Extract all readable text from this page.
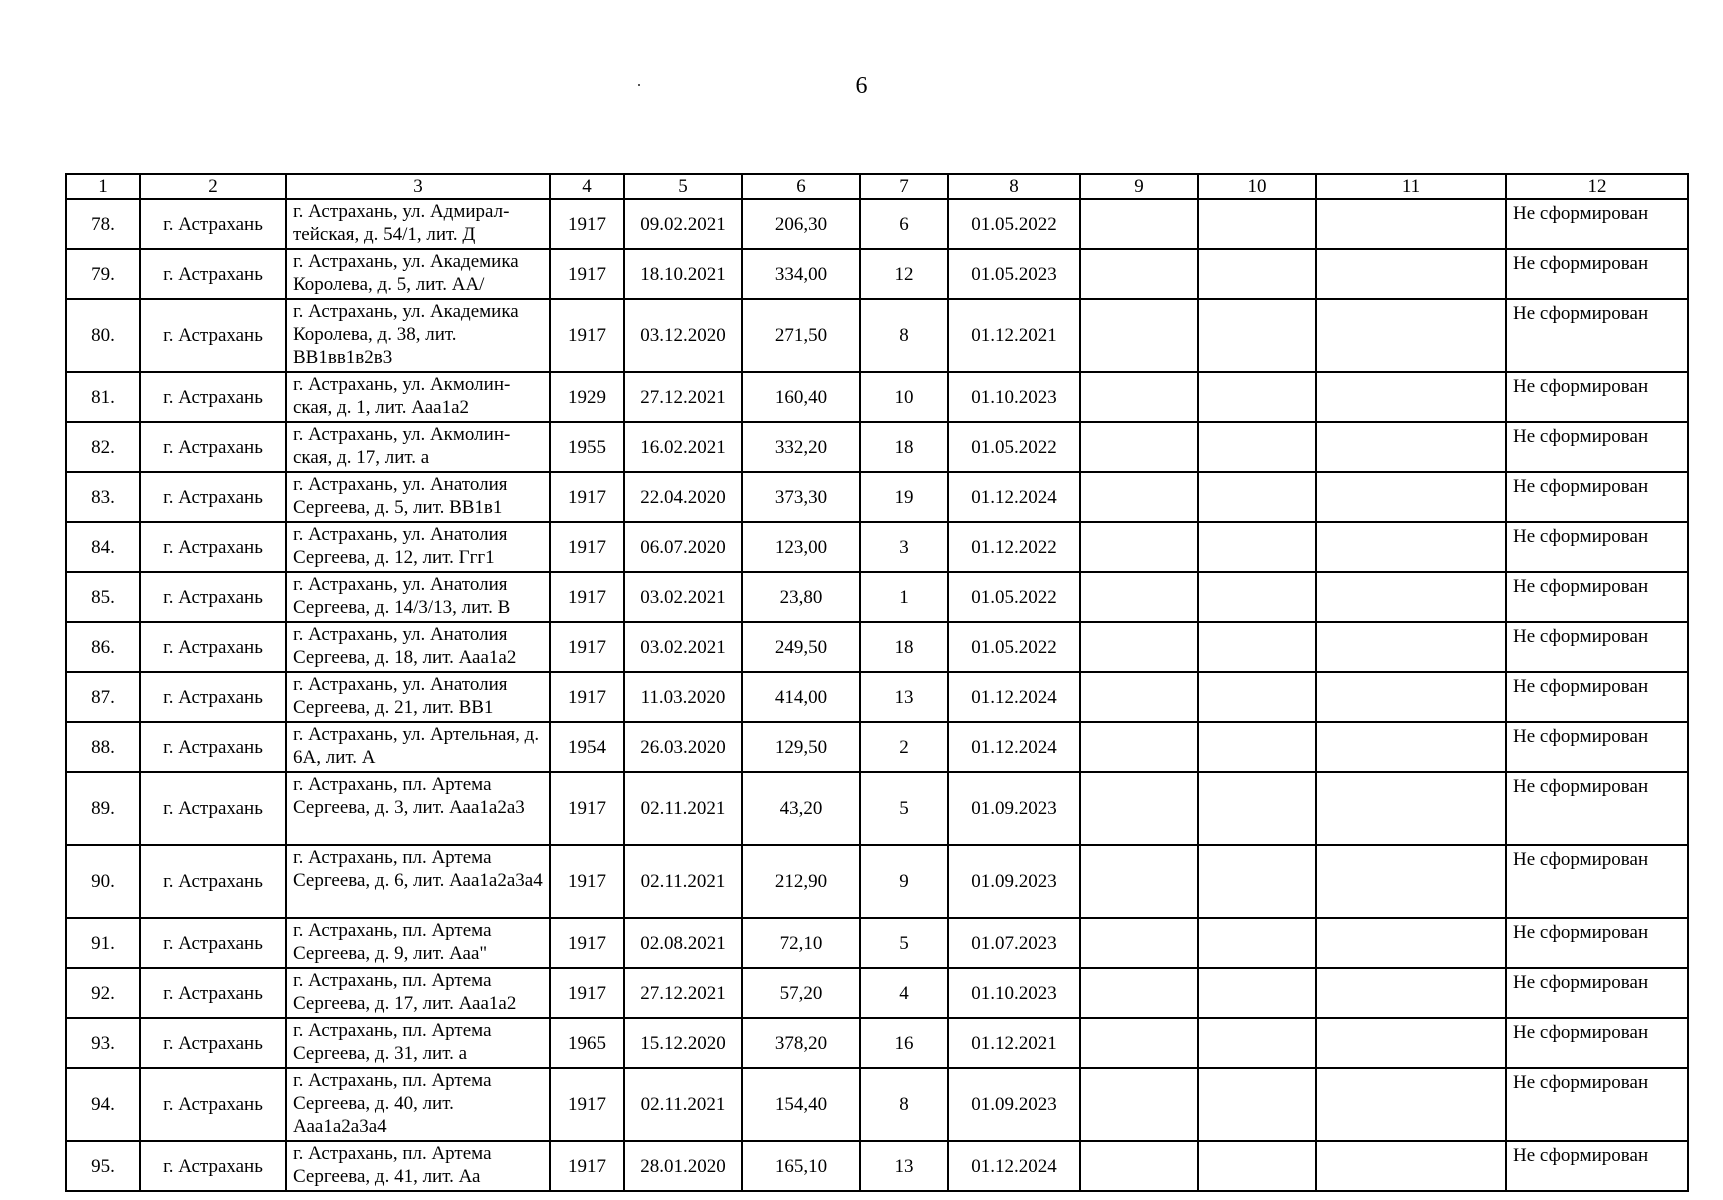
6
1	2	3	4	5	6	7	8	9	10	11	12
78.	г. Астрахань	г. Астрахань, ул. Адмирал-тейская, д. 54/1, лит. Д	1917	09.02.2021	206,30	6	01.05.2022				Не сформирован
79.	г. Астрахань	г. Астрахань, ул. Академика Королева, д. 5, лит. АА/	1917	18.10.2021	334,00	12	01.05.2023				Не сформирован
80.	г. Астрахань	г. Астрахань, ул. Академика Королева, д. 38, лит. ВВ1вв1в2в3	1917	03.12.2020	271,50	8	01.12.2021				Не сформирован
81.	г. Астрахань	г. Астрахань, ул. Акмолин-ская, д. 1, лит. Ааа1а2	1929	27.12.2021	160,40	10	01.10.2023				Не сформирован
82.	г. Астрахань	г. Астрахань, ул. Акмолин-ская, д. 17, лит. а	1955	16.02.2021	332,20	18	01.05.2022				Не сформирован
83.	г. Астрахань	г. Астрахань, ул. Анатолия Сергеева, д. 5, лит. ВВ1в1	1917	22.04.2020	373,30	19	01.12.2024				Не сформирован
84.	г. Астрахань	г. Астрахань, ул. Анатолия Сергеева, д. 12, лит. Ггг1	1917	06.07.2020	123,00	3	01.12.2022				Не сформирован
85.	г. Астрахань	г. Астрахань, ул. Анатолия Сергеева, д. 14/3/13, лит. В	1917	03.02.2021	23,80	1	01.05.2022				Не сформирован
86.	г. Астрахань	г. Астрахань, ул. Анатолия Сергеева, д. 18, лит. Ааа1а2	1917	03.02.2021	249,50	18	01.05.2022				Не сформирован
87.	г. Астрахань	г. Астрахань, ул. Анатолия Сергеева, д. 21, лит. ВВ1	1917	11.03.2020	414,00	13	01.12.2024				Не сформирован
88.	г. Астрахань	г. Астрахань, ул. Артельная, д. 6А, лит. А	1954	26.03.2020	129,50	2	01.12.2024				Не сформирован
89.	г. Астрахань	г. Астрахань, пл. Артема Сергеева, д. 3, лит. Ааа1а2а3	1917	02.11.2021	43,20	5	01.09.2023				Не сформирован
90.	г. Астрахань	г. Астрахань, пл. Артема Сергеева, д. 6, лит. Ааа1а2а3а4	1917	02.11.2021	212,90	9	01.09.2023				Не сформирован
91.	г. Астрахань	г. Астрахань, пл. Артема Сергеева, д. 9, лит. Ааа"	1917	02.08.2021	72,10	5	01.07.2023				Не сформирован
92.	г. Астрахань	г. Астрахань, пл. Артема Сергеева, д. 17, лит. Ааа1а2	1917	27.12.2021	57,20	4	01.10.2023				Не сформирован
93.	г. Астрахань	г. Астрахань, пл. Артема Сергеева, д. 31, лит. а	1965	15.12.2020	378,20	16	01.12.2021				Не сформирован
94.	г. Астрахань	г. Астрахань, пл. Артема Сергеева, д. 40, лит. Ааа1а2а3а4	1917	02.11.2021	154,40	8	01.09.2023				Не сформирован
95.	г. Астрахань	г. Астрахань, пл. Артема Сергеева, д. 41, лит. Аа	1917	28.01.2020	165,10	13	01.12.2024				Не сформирован
